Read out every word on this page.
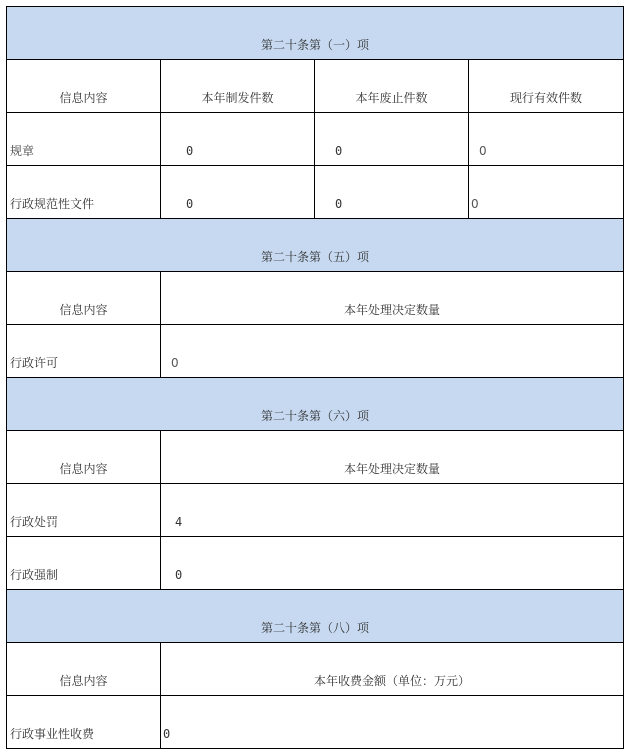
第二十条第（一）项			
信息内容	本年制发件数	本年废止件数	现行有效件数
规章	0	0	0
行政规范性文件	0	0	0
第二十条第（五）项			
信息内容	本年处理决定数量		
行政许可	0		
第二十条第（六）项			
信息内容	本年处理决定数量		
行政处罚	4		
行政强制	0		
第二十条第（八）项			
信息内容	本年收费金额（单位：万元）		
行政事业性收费	0		
